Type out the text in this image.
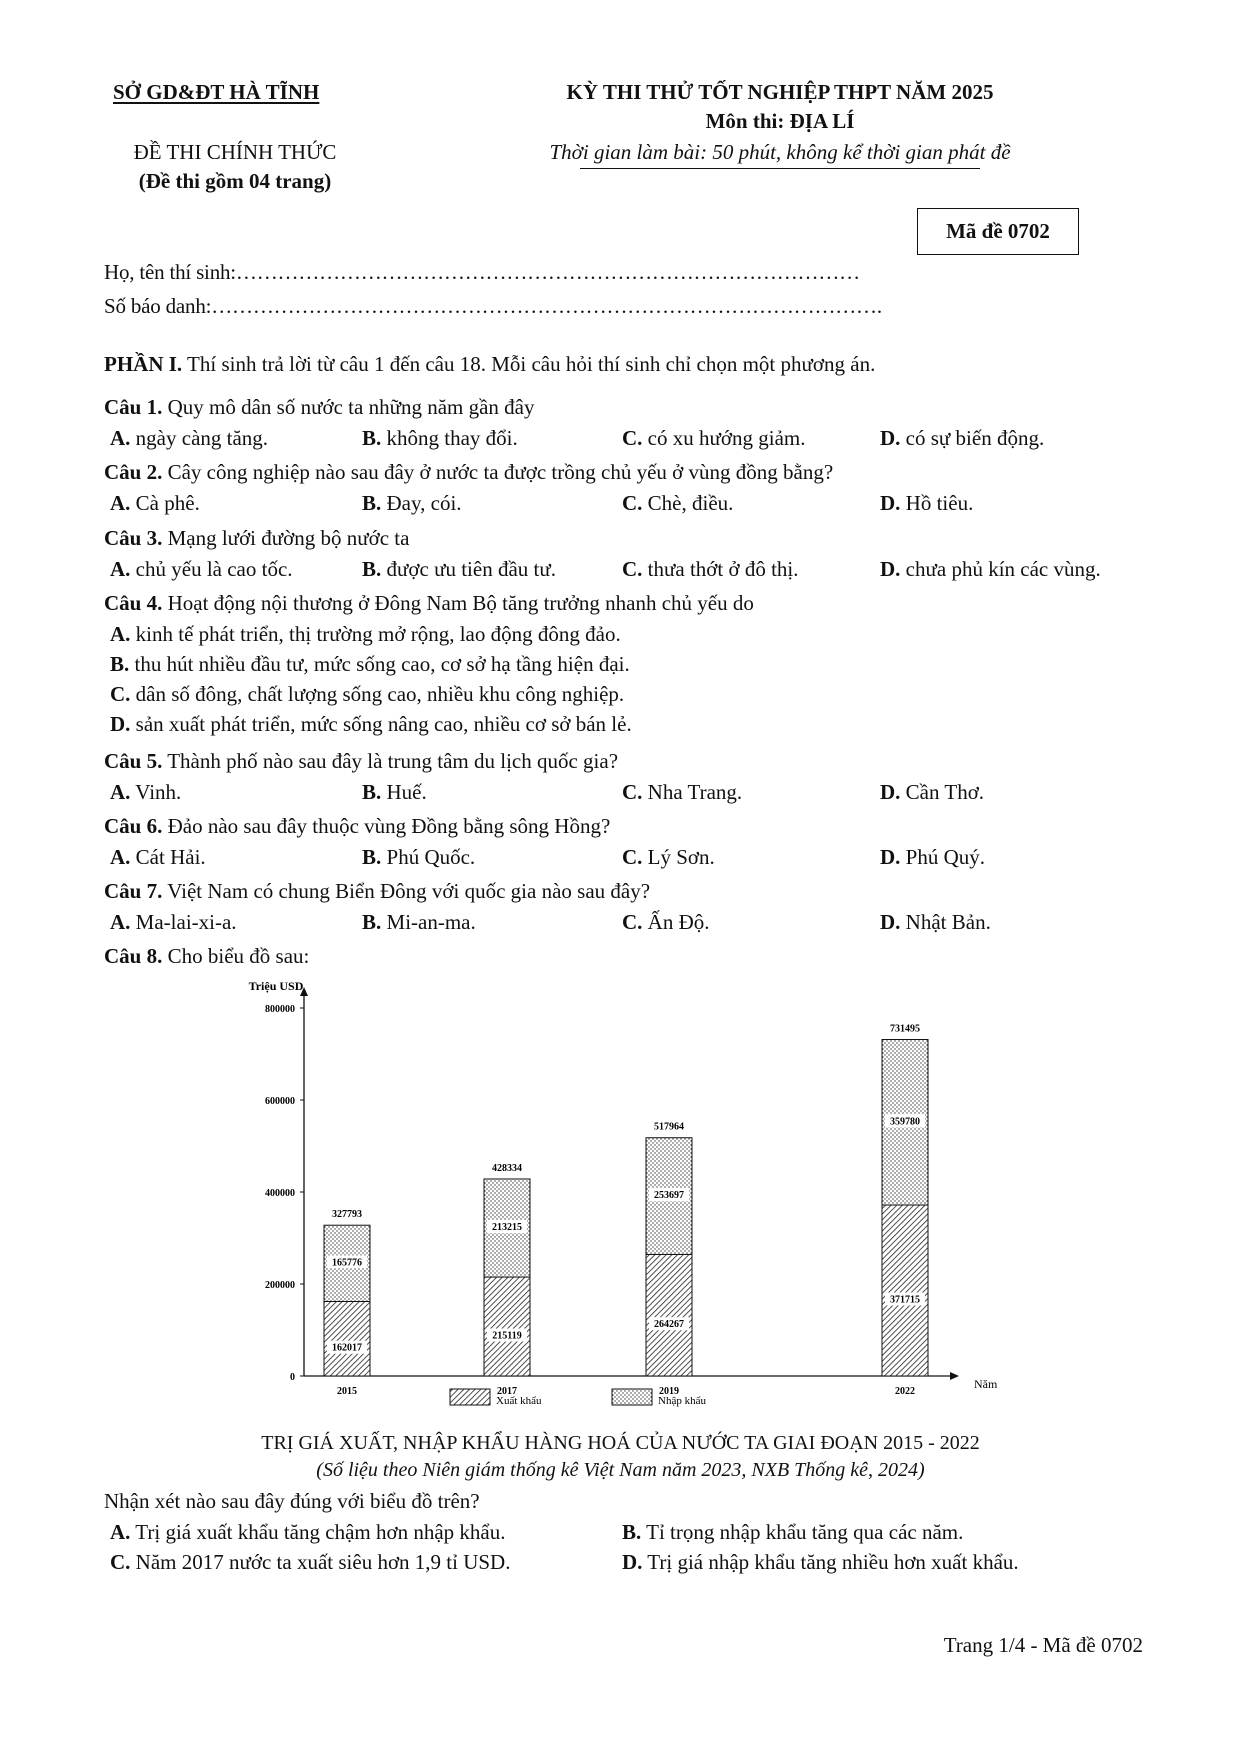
SỞ GD&ĐT HÀ TĨNH	KỲ THI THỬ TỐT NGHIỆP THPT NĂM 2025
Môn thi: ĐỊA LÍ
ĐỀ THI CHÍNH THỨC
(Đề thi gồm 04 trang)
Thời gian làm bài: 50 phút, không kể thời gian phát đề
Mã đề 0702
Họ, tên thí sinh:………………………………………………………………………………
Số báo danh:…………………………………………………………………………………….
PHẦN I. Thí sinh trả lời từ câu 1 đến câu 18. Mỗi câu hỏi thí sinh chỉ chọn một phương án.
Câu 1. Quy mô dân số nước ta những năm gần đây
A. ngày càng tăng.	B. không thay đổi.	C. có xu hướng giảm.	D. có sự biến động.
Câu 2. Cây công nghiệp nào sau đây ở nước ta được trồng chủ yếu ở vùng đồng bằng?
A. Cà phê.	B. Đay, cói.	C. Chè, điều.	D. Hồ tiêu.
Câu 3. Mạng lưới đường bộ nước ta
A. chủ yếu là cao tốc.	B. được ưu tiên đầu tư.	C. thưa thớt ở đô thị.	D. chưa phủ kín các vùng.
Câu 4. Hoạt động nội thương ở Đông Nam Bộ tăng trưởng nhanh chủ yếu do
A. kinh tế phát triển, thị trường mở rộng, lao động đông đảo.
B. thu hút nhiều đầu tư, mức sống cao, cơ sở hạ tầng hiện đại.
C. dân số đông, chất lượng sống cao, nhiều khu công nghiệp.
D. sản xuất phát triển, mức sống nâng cao, nhiều cơ sở bán lẻ.
Câu 5. Thành phố nào sau đây là trung tâm du lịch quốc gia?
A. Vinh.	B. Huế.	C. Nha Trang.	D. Cần Thơ.
Câu 6. Đảo nào sau đây thuộc vùng Đồng bằng sông Hồng?
A. Cát Hải.	B. Phú Quốc.	C. Lý Sơn.	D. Phú Quý.
Câu 7. Việt Nam có chung Biển Đông với quốc gia nào sau đây?
A. Ma-lai-xi-a.	B. Mi-an-ma.	C. Ấn Độ.	D. Nhật Bản.
Câu 8. Cho biểu đồ sau:
Triệu USD
Năm
0
200000
400000
600000
800000
2015
162017
165776
327793
2017
215119
213215
428334
2019
264267
253697
517964
2022
371715
359780
731495
Xuất khẩu	Nhập khẩu
TRỊ GIÁ XUẤT, NHẬP KHẨU HÀNG HOÁ CỦA NƯỚC TA GIAI ĐOẠN 2015 - 2022
(Số liệu theo Niên giám thống kê Việt Nam năm 2023, NXB Thống kê, 2024)
Nhận xét nào sau đây đúng với biểu đồ trên?
A. Trị giá xuất khẩu tăng chậm hơn nhập khẩu.	B. Tỉ trọng nhập khẩu tăng qua các năm.
C. Năm 2017 nước ta xuất siêu hơn 1,9 tỉ USD.	D. Trị giá nhập khẩu tăng nhiều hơn xuất khẩu.
Trang 1/4 - Mã đề 0702
